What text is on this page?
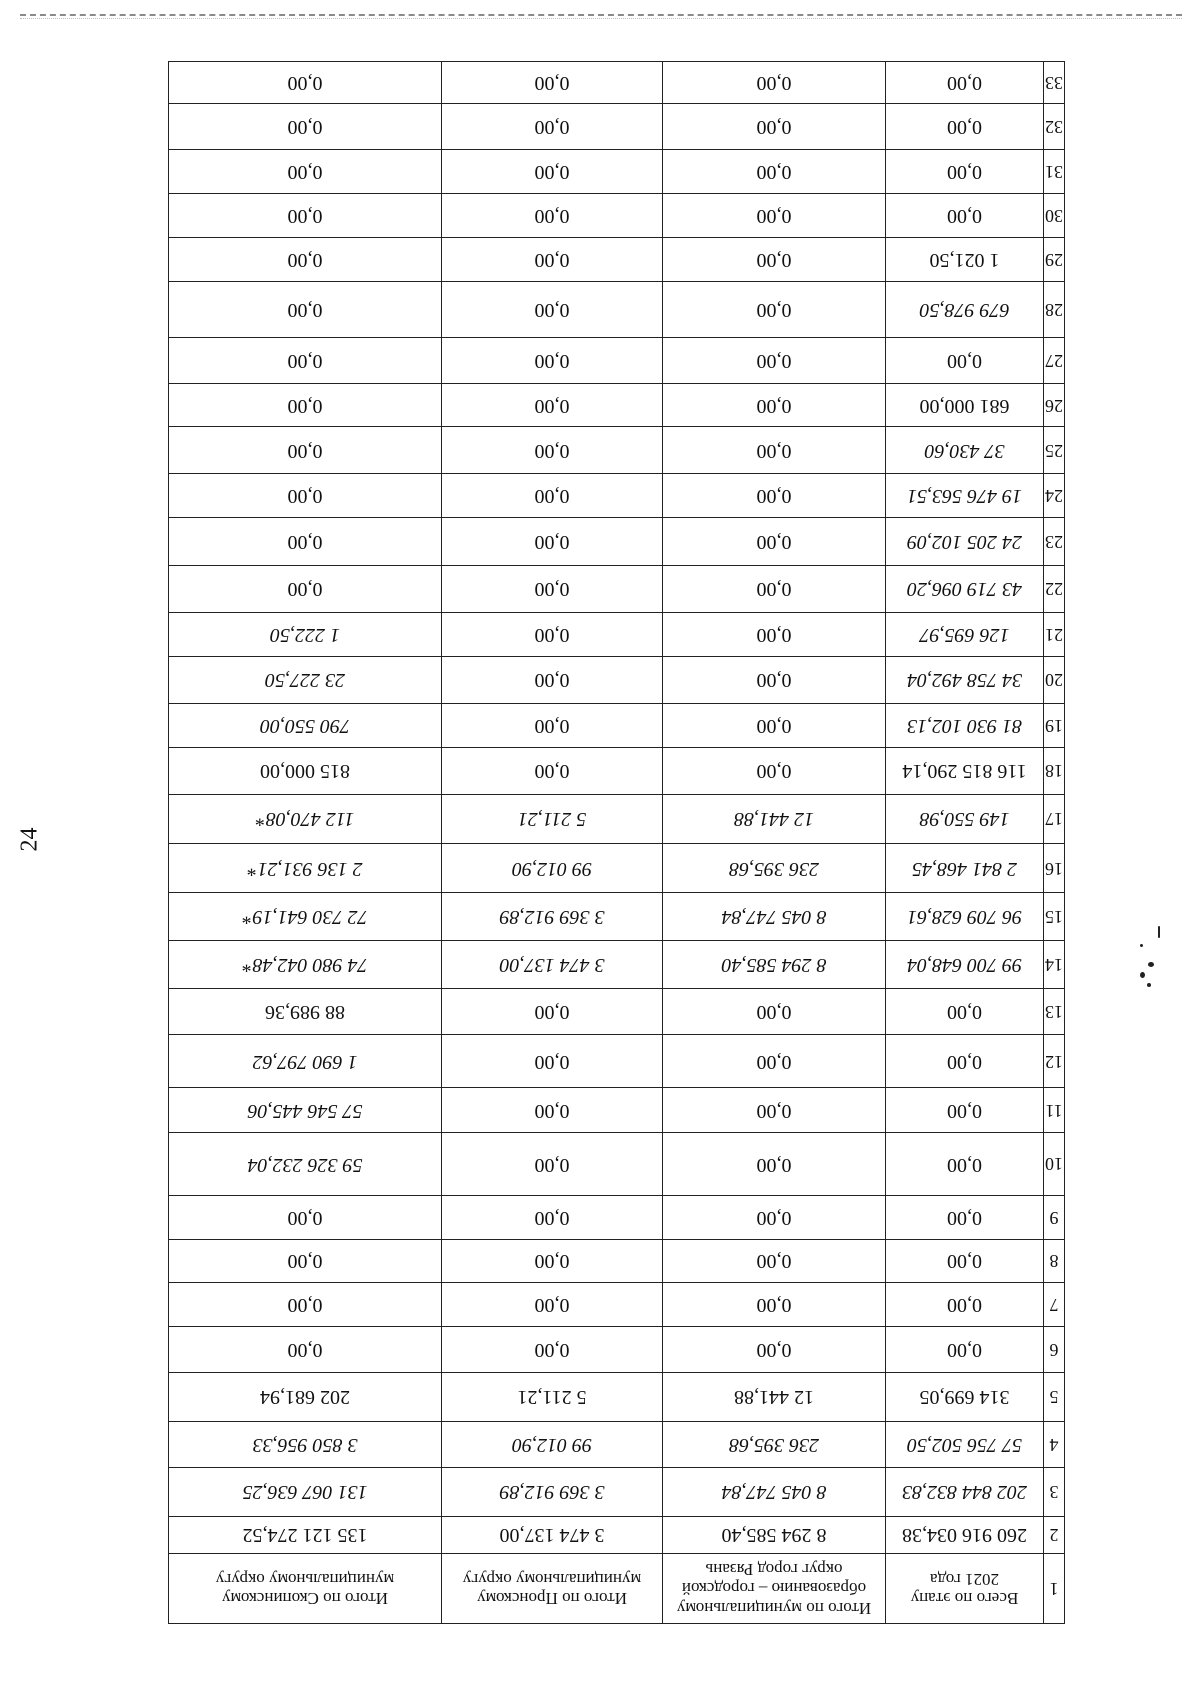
24
1	Всего по этапу 2021 года	Итого по муниципальному образованию – городской округ город Рязань	Итого по Пронскому муниципальному округу	Итого по Скопинскому муниципальному округу
2	260 916 034,38	8 294 585,40	3 474 137,00	135 121 274,52
3	202 844 832,83	8 045 747,84	3 369 912,89	131 067 636,25
4	57 756 502,50	236 395,68	99 012,90	3 850 956,33
5	314 699,05	12 441,88	5 211,21	202 681,94
6	0,00	0,00	0,00	0,00
7	0,00	0,00	0,00	0,00
8	0,00	0,00	0,00	0,00
9	0,00	0,00	0,00	0,00
10	0,00	0,00	0,00	59 326 232,04
11	0,00	0,00	0,00	57 546 445,06
12	0,00	0,00	0,00	1 690 797,62
13	0,00	0,00	0,00	88 989,36
14	99 700 648,04	8 294 585,40	3 474 137,00	74 980 042,48*
15	96 709 628,61	8 045 747,84	3 369 912,89	72 730 641,19*
16	2 841 468,45	236 395,68	99 012,90	2 136 931,21*
17	149 550,98	12 441,88	5 211,21	112 470,08*
18	116 815 290,14	0,00	0,00	815 000,00
19	81 930 102,13	0,00	0,00	790 550,00
20	34 758 492,04	0,00	0,00	23 227,50
21	126 695,97	0,00	0,00	1 222,50
22	43 719 096,20	0,00	0,00	0,00
23	24 205 102,09	0,00	0,00	0,00
24	19 476 563,51	0,00	0,00	0,00
25	37 430,60	0,00	0,00	0,00
26	681 000,00	0,00	0,00	0,00
27	0,00	0,00	0,00	0,00
28	679 978,50	0,00	0,00	0,00
29	1 021,50	0,00	0,00	0,00
30	0,00	0,00	0,00	0,00
31	0,00	0,00	0,00	0,00
32	0,00	0,00	0,00	0,00
33	0,00	0,00	0,00	0,00
